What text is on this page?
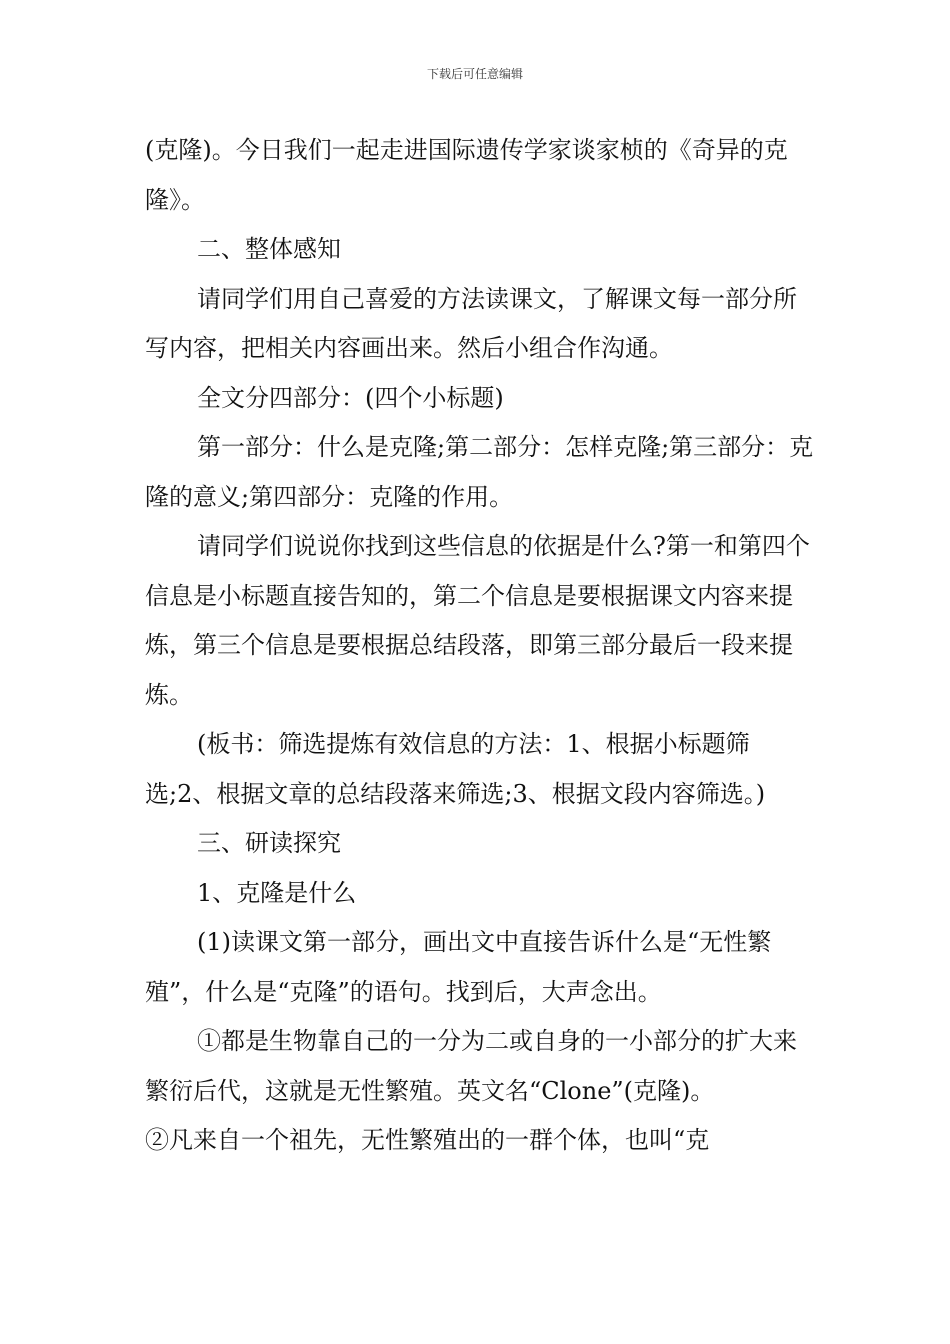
下载后可任意编辑

(克隆)。今日我们一起走进国际遗传学家谈家桢的《奇异的克隆》。

二、整体感知

请同学们用自己喜爱的方法读课文，了解课文每一部分所写内容，把相关内容画出来。然后小组合作沟通。

全文分四部分：(四个小标题)

第一部分：什么是克隆;第二部分：怎样克隆;第三部分：克隆的意义;第四部分：克隆的作用。

请同学们说说你找到这些信息的依据是什么?第一和第四个信息是小标题直接告知的，第二个信息是要根据课文内容来提炼，第三个信息是要根据总结段落，即第三部分最后一段来提炼。

(板书：筛选提炼有效信息的方法：1、根据小标题筛选;2、根据文章的总结段落来筛选;3、根据文段内容筛选。)

三、研读探究

1、克隆是什么

(1)读课文第一部分，画出文中直接告诉什么是“无性繁殖”，什么是“克隆”的语句。找到后，大声念出。

①都是生物靠自己的一分为二或自身的一小部分的扩大来繁衍后代，这就是无性繁殖。英文名“Clone”(克隆)。

②凡来自一个祖先，无性繁殖出的一群个体，也叫“克
